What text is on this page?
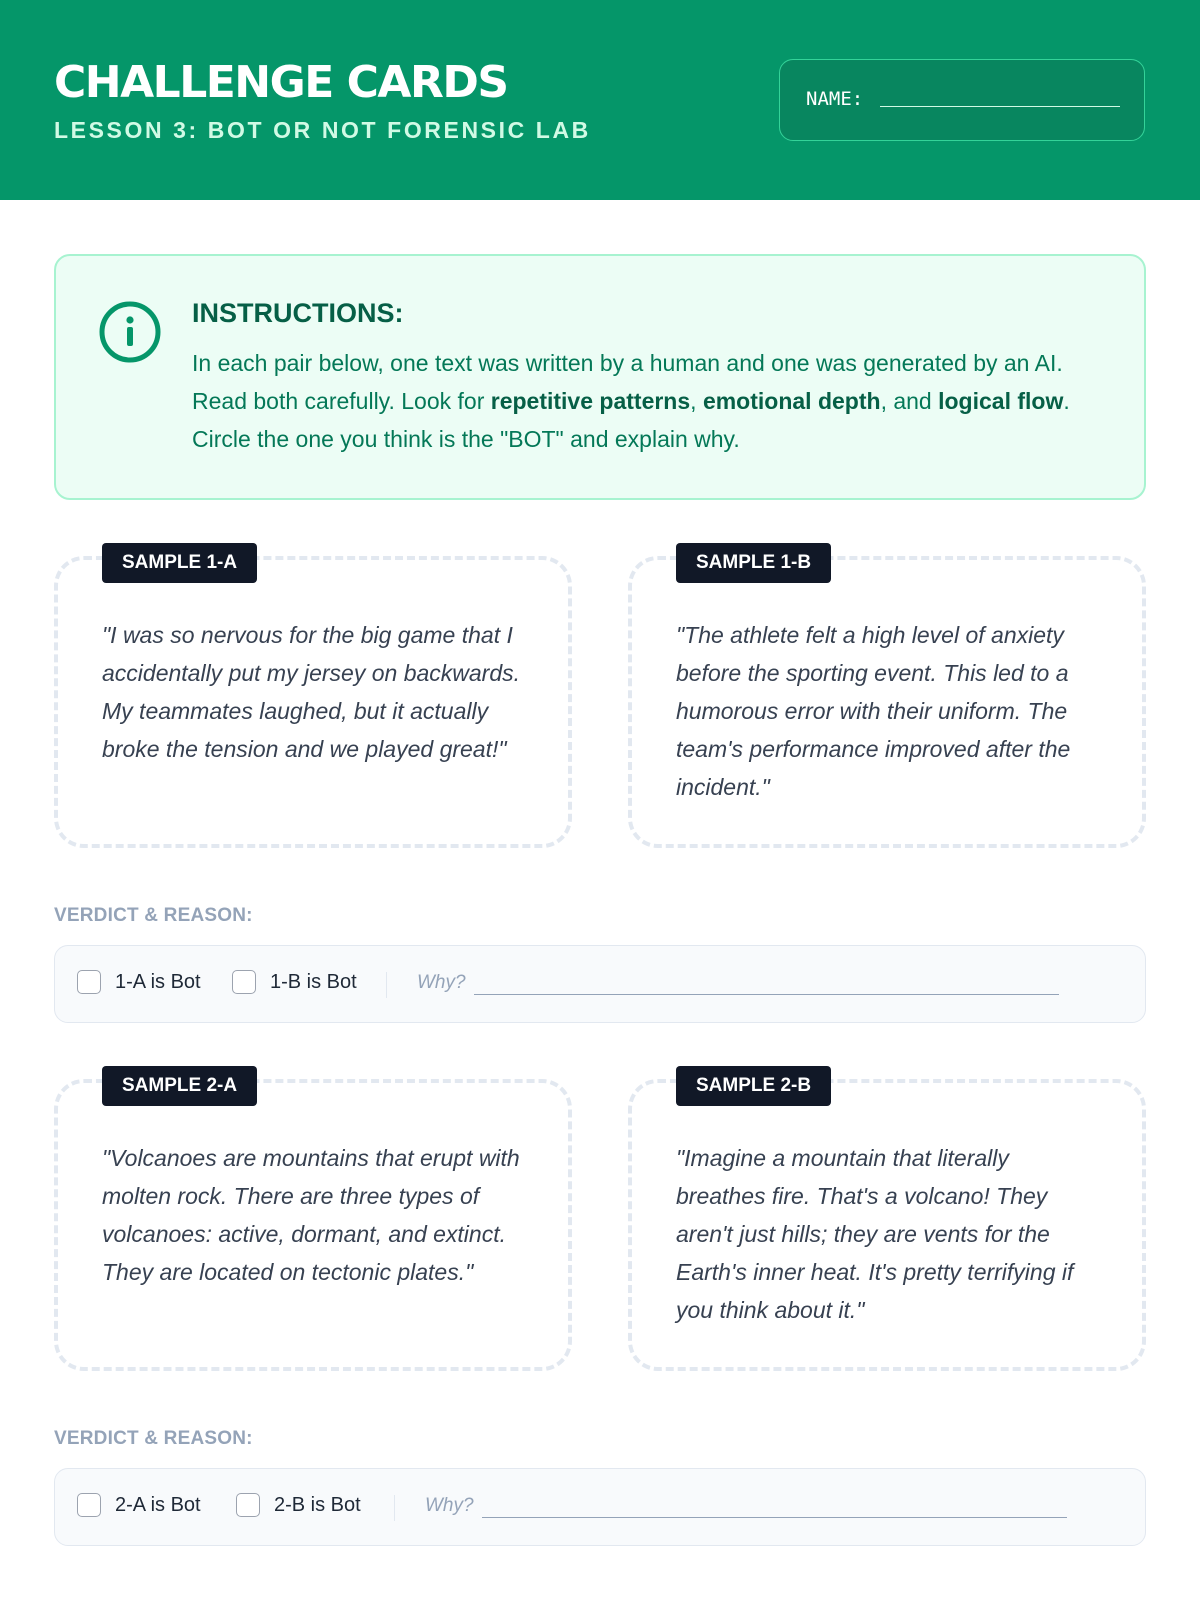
CHALLENGE CARDS
LESSON 3: BOT OR NOT FORENSIC LAB
NAME:
INSTRUCTIONS:

In each pair below, one text was written by a human and one was generated by an AI. Read both carefully. Look for repetitive patterns, emotional depth, and logical flow. Circle the one you think is the "BOT" and explain why.

SAMPLE 1-A

"I was so nervous for the big game that I accidentally put my jersey on backwards. My teammates laughed, but it actually broke the tension and we played great!"

SAMPLE 1-B

"The athlete felt a high level of anxiety before the sporting event. This led to a humorous error with their uniform. The team's performance improved after the incident."

VERDICT & REASON:
1-A is Bot	1-B is Bot	Why?
SAMPLE 2-A

"Volcanoes are mountains that erupt with molten rock. There are three types of volcanoes: active, dormant, and extinct. They are located on tectonic plates."

SAMPLE 2-B

"Imagine a mountain that literally breathes fire. That's a volcano! They aren't just hills; they are vents for the Earth's inner heat. It's pretty terrifying if you think about it."

VERDICT & REASON:
2-A is Bot	2-B is Bot	Why?
